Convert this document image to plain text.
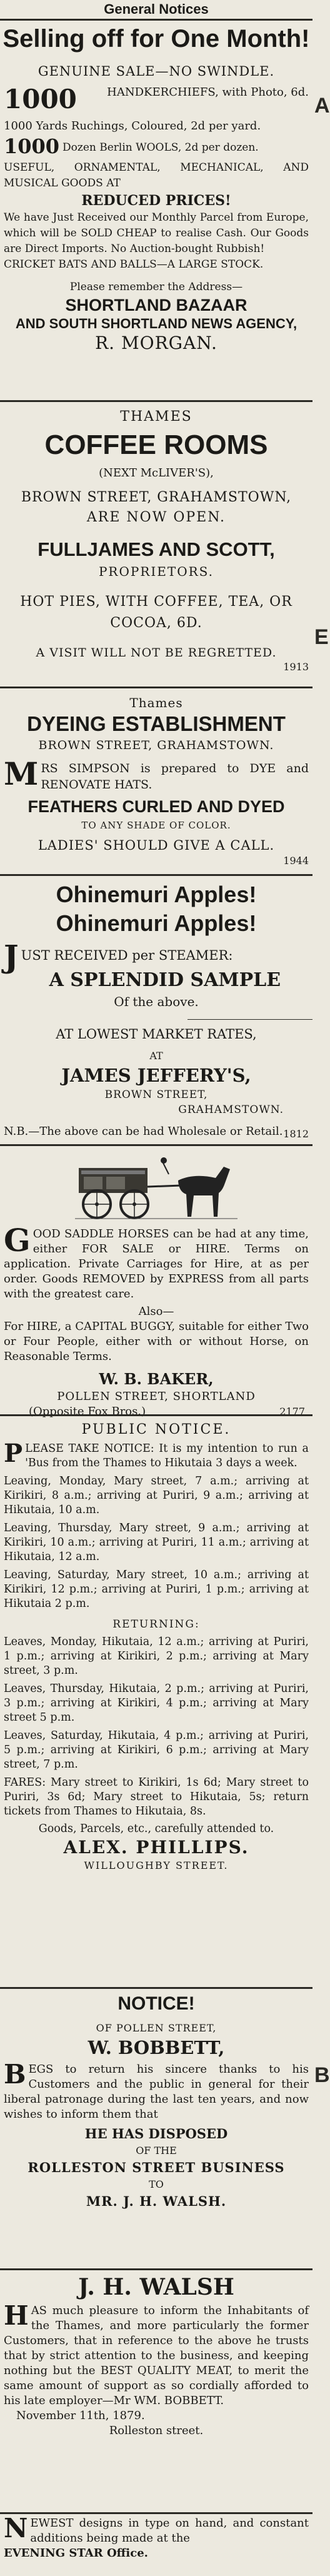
General Notices

Selling off for One Month!

GENUINE SALE—NO SWINDLE.

1000	HANDKERCHIEFS, with Photo, 6d.

1000 Yards Ruchings, Coloured, 2d per yard.

1000 Dozen Berlin WOOLS, 2d per dozen.

USEFUL, ORNAMENTAL, MECHANICAL, AND MUSICAL GOODS AT

REDUCED PRICES!

We have Just Received our Monthly Parcel from Europe, which will be SOLD CHEAP to realise Cash. Our Goods are Direct Imports. No Auction-bought Rubbish!

CRICKET BATS AND BALLS—A LARGE STOCK.

Please remember the Address—

SHORTLAND BAZAAR

AND SOUTH SHORTLAND NEWS AGENCY,

R. MORGAN.

A

THAMES

COFFEE ROOMS

(NEXT McLIVER'S),

BROWN STREET, GRAHAMSTOWN,

ARE NOW OPEN.

FULLJAMES AND SCOTT,

PROPRIETORS.

HOT PIES, WITH COFFEE, TEA, OR COCOA, 6D.

A VISIT WILL NOT BE REGRETTED.

1913

E

Thames

DYEING ESTABLISHMENT

BROWN STREET, GRAHAMSTOWN.

M RS SIMPSON is prepared to DYE and RENOVATE HATS.

FEATHERS CURLED AND DYED

TO ANY SHADE OF COLOR.

LADIES' SHOULD GIVE A CALL.

1944

Ohinemuri Apples!

Ohinemuri Apples!

J UST RECEIVED per STEAMER:

A SPLENDID SAMPLE

Of the above.

AT LOWEST MARKET RATES,

AT

JAMES JEFFERY'S,

BROWN STREET,

GRAHAMSTOWN.

N.B.—The above can be had Wholesale or Retail. 1812

G OOD SADDLE HORSES can be had at any time, either FOR SALE or HIRE. Terms on application. Private Carriages for Hire, at as per order. Goods REMOVED by EXPRESS from all parts with the greatest care.

Also—

For HIRE, a CAPITAL BUGGY, suitable for either Two or Four People, either with or without Horse, on Reasonable Terms.

W. B. BAKER,

POLLEN STREET, SHORTLAND

(Opposite Fox Bros.)	2177

PUBLIC NOTICE.

P LEASE TAKE NOTICE: It is my intention to run a 'Bus from the Thames to Hikutaia 3 days a week.

Leaving, Monday, Mary street, 7 a.m.; arriving at Kirikiri, 8 a.m.; arriving at Puriri, 9 a.m.; arriving at Hikutaia, 10 a.m.

Leaving, Thursday, Mary street, 9 a.m.; arriving at Kirikiri, 10 a.m.; arriving at Puriri, 11 a.m.; arriving at Hikutaia, 12 a.m.

Leaving, Saturday, Mary street, 10 a.m.; arriving at Kirikiri, 12 p.m.; arriving at Puriri, 1 p.m.; arriving at Hikutaia 2 p.m.

RETURNING:

Leaves, Monday, Hikutaia, 12 a.m.; arriving at Puriri, 1 p.m.; arriving at Kirikiri, 2 p.m.; arriving at Mary street, 3 p.m.

Leaves, Thursday, Hikutaia, 2 p.m.; arriving at Puriri, 3 p.m.; arriving at Kirikiri, 4 p.m.; arriving at Mary street 5 p.m.

Leaves, Saturday, Hikutaia, 4 p.m.; arriving at Puriri, 5 p.m.; arriving at Kirikiri, 6 p.m.; arriving at Mary street, 7 p.m.

FARES: Mary street to Kirikiri, 1s 6d; Mary street to Puriri, 3s 6d; Mary street to Hikutaia, 5s; return tickets from Thames to Hikutaia, 8s.

Goods, Parcels, etc., carefully attended to.

ALEX. PHILLIPS.

WILLOUGHBY STREET.

NOTICE!

OF POLLEN STREET,

W. BOBBETT,

B EGS to return his sincere thanks to his Customers and the public in general for their liberal patronage during the last ten years, and now wishes to inform them that

HE HAS DISPOSED

OF THE

ROLLESTON STREET BUSINESS

TO

MR. J. H. WALSH.

B

J. H. WALSH

H AS much pleasure to inform the Inhabitants of the Thames, and more particularly the former Customers, that in reference to the above he trusts that by strict attention to the business, and keeping nothing but the BEST QUALITY MEAT, to merit the same amount of support as so cordially afforded to his late employer—Mr WM. BOBBETT.

November 11th, 1879.

Rolleston street.

N EWEST designs in type on hand, and constant additions being made at the

EVENING STAR Office.
